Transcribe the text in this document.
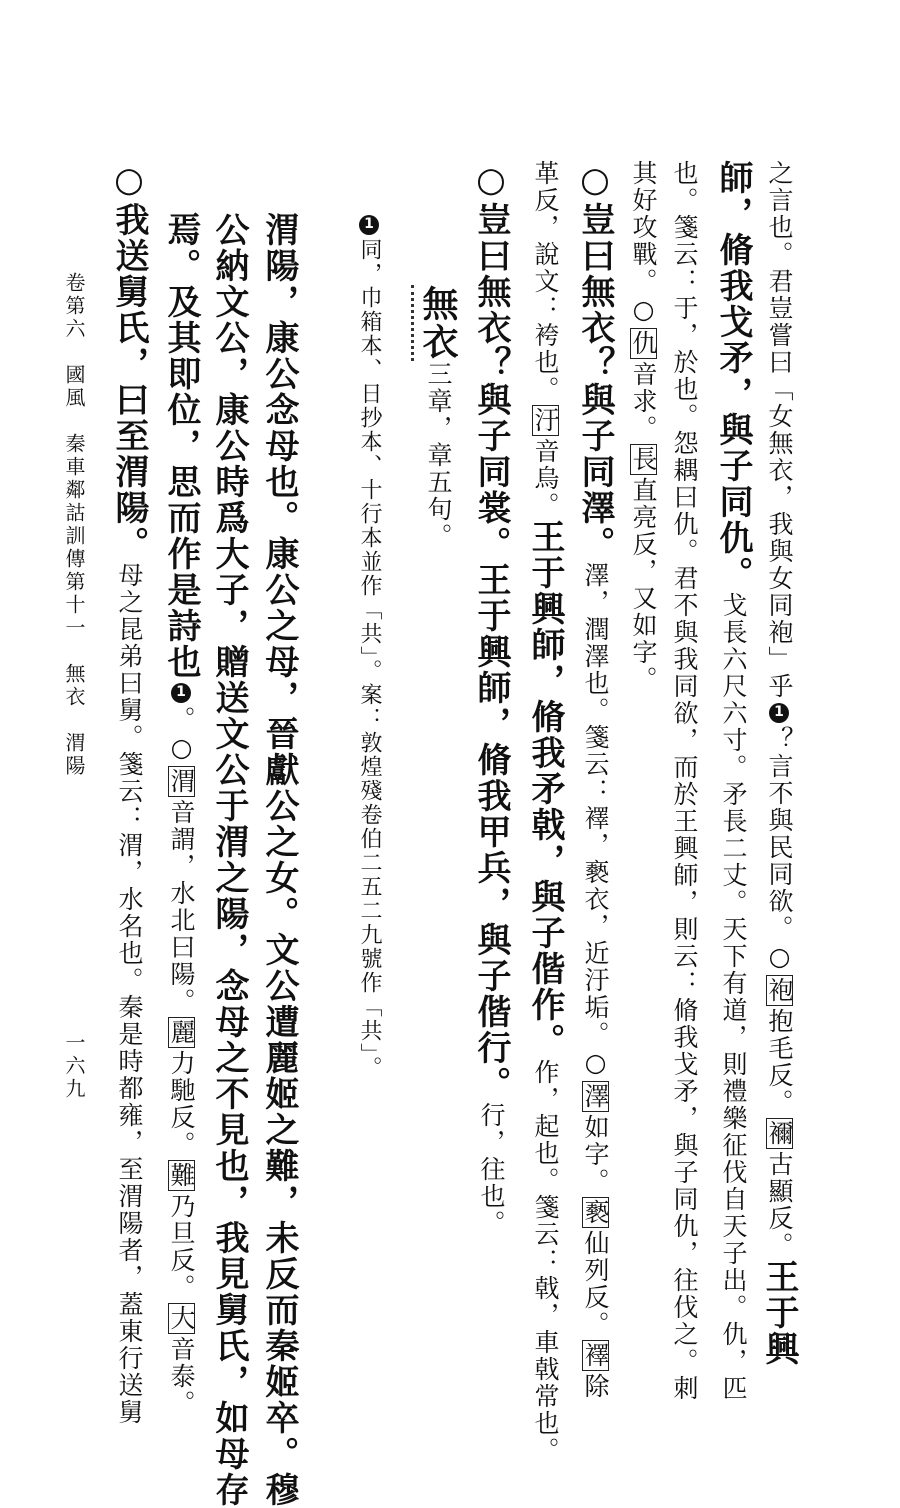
之言也。君豈嘗曰「女無衣，我與女同袍」乎1？言不與民同欲。○袍抱毛反。襧古顯反。王于興
師，脩我戈矛，與子同仇。戈長六尺六寸。矛長二丈。天下有道，則禮樂征伐自天子出。仇，匹
也。箋云：于，於也。怨耦曰仇。君不與我同欲，而於王興師，則云：脩我戈矛，與子同仇，往伐之。刺
其好攻戰。○仇音求。長直亮反，又如字。
○豈曰無衣？與子同澤。澤，潤澤也。箋云：襗，褻衣，近汙垢。○澤如字。褻仙列反。襗除
革反，說文：袴也。汙音烏。王于興師，脩我矛戟，與子偕作。作，起也。箋云：戟，車戟常也。
○豈曰無衣？與子同裳。王于興師，脩我甲兵，與子偕行。行，往也。
無衣三章，章五句。
1同，巾箱本、日抄本、十行本並作「共」。案：敦煌殘卷伯二五二九號作「共」。
渭陽，康公念母也。康公之母，晉獻公之女。文公遭麗姬之難，未反而秦姬卒。穆
公納文公，康公時爲大子，贈送文公于渭之陽，念母之不見也，我見舅氏，如母存
焉。及其即位，思而作是詩也1。○渭音謂，水北曰陽。麗力馳反。難乃旦反。大音泰。
○我送舅氏，曰至渭陽。母之昆弟曰舅。箋云：渭，水名也。秦是時都雍，至渭陽者，蓋東行送舅
卷第六　國風　秦車鄰詁訓傳第十一　無衣　渭陽
一六九
